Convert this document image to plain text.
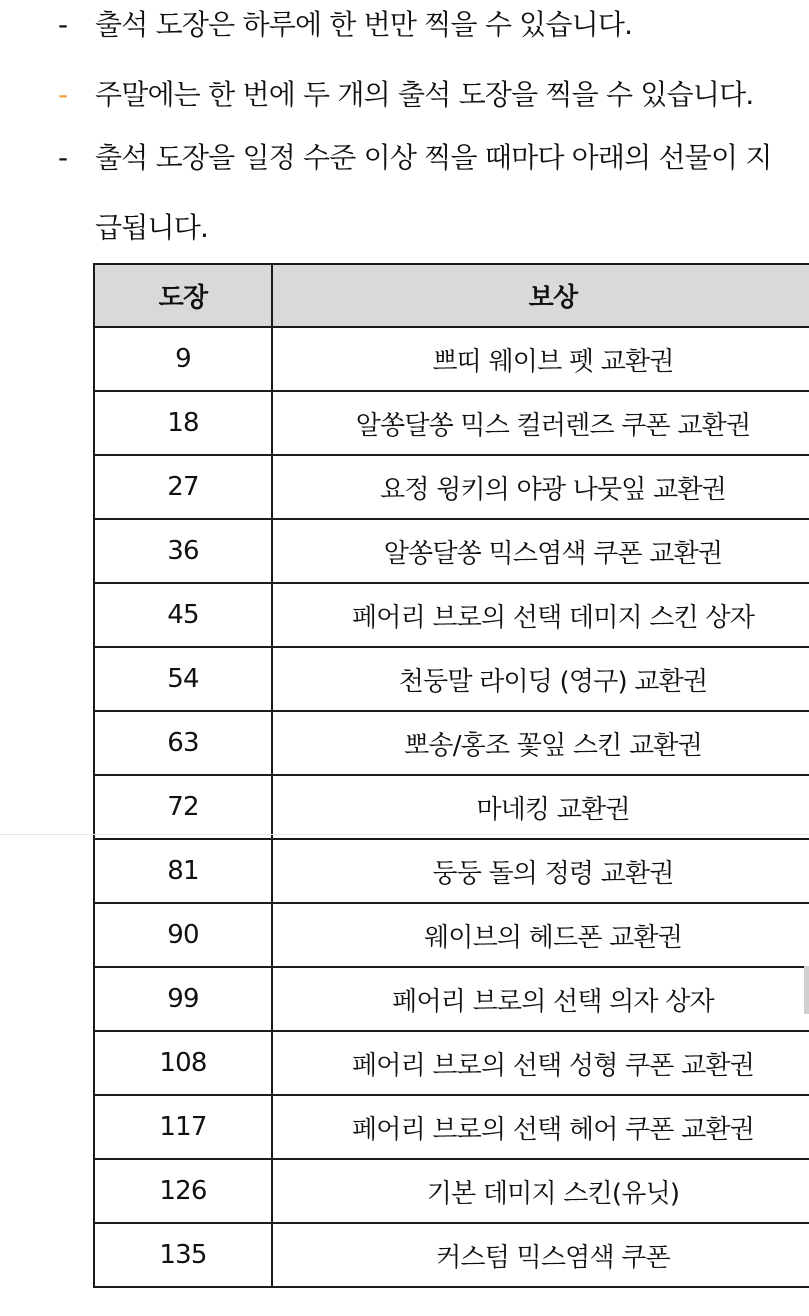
- 출석 도장은 하루에 한 번만 찍을 수 있습니다.
- 주말에는 한 번에 두 개의 출석 도장을 찍을 수 있습니다.
- 출석 도장을 일정 수준 이상 찍을 때마다 아래의 선물이 지
급됩니다.
도장	보상
9	쁘띠 웨이브 펫 교환권
18	알쏭달쏭 믹스 컬러렌즈 쿠폰 교환권
27	요정 윙키의 야광 나뭇잎 교환권
36	알쏭달쏭 믹스염색 쿠폰 교환권
45	페어리 브로의 선택 데미지 스킨 상자
54	천둥말 라이딩 (영구) 교환권
63	뽀송/홍조 꽃잎 스킨 교환권
72	마네킹 교환권
81	둥둥 돌의 정령 교환권
90	웨이브의 헤드폰 교환권
99	페어리 브로의 선택 의자 상자
108	페어리 브로의 선택 성형 쿠폰 교환권
117	페어리 브로의 선택 헤어 쿠폰 교환권
126	기본 데미지 스킨(유닛)
135	커스텀 믹스염색 쿠폰
